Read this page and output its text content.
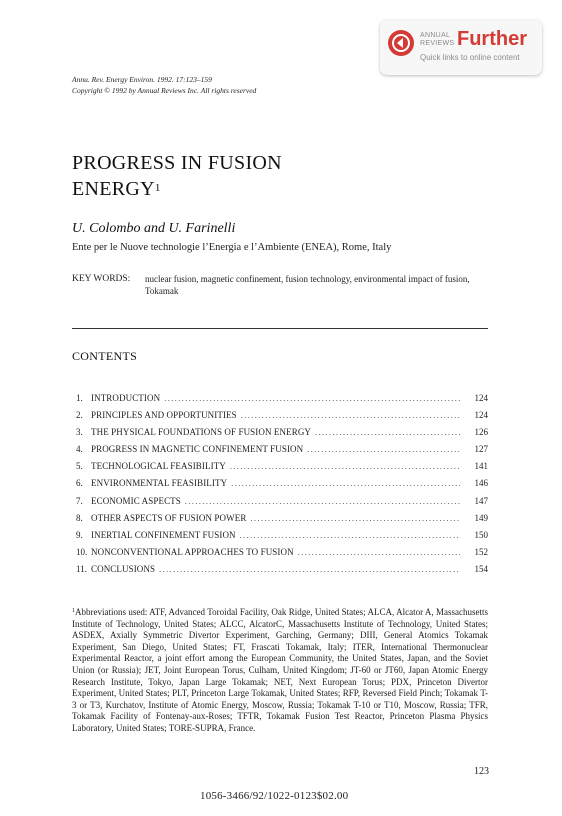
ANNUAL
REVIEWS Further
Quick links to online content
Annu. Rev. Energy Environ. 1992. 17:123–159
Copyright © 1992 by Annual Reviews Inc. All rights reserved
PROGRESS IN FUSION
ENERGY$^1$
U. Colombo and U. Farinelli
Ente per le Nuove technologie l’Energia e l’Ambiente (ENEA), Rome, Italy
KEY WORDS: nuclear fusion, magnetic confinement, fusion technology, environmental impact of fusion, Tokamak
CONTENTS
1. INTRODUCTION .....	124
2. PRINCIPLES AND OPPORTUNITIES .....	124
3. THE PHYSICAL FOUNDATIONS OF FUSION ENERGY .....	126
4. PROGRESS IN MAGNETIC CONFINEMENT FUSION .....	127
5. TECHNOLOGICAL FEASIBILITY .....	141
6. ENVIRONMENTAL FEASIBILITY .....	146
7. ECONOMIC ASPECTS .....	147
8. OTHER ASPECTS OF FUSION POWER .....	149
9. INERTIAL CONFINEMENT FUSION .....	150
10. NONCONVENTIONAL APPROACHES TO FUSION .....	152
11. CONCLUSIONS .....	154
$^1$Abbreviations used: ATF, Advanced Toroidal Facility, Oak Ridge, United States; ALCA, Alcator A, Massachusetts Institute of Technology, United States; ALCC, AlcatorC, Massachusetts Institute of Technology, United States; ASDEX, Axially Symmetric Divertor Experiment, Garching, Germany; DIII, General Atomics Tokamak Experiment, San Diego, United States; FT, Frascati Tokamak, Italy; ITER, International Thermonuclear Experimental Reactor, a joint effort among the European Community, the United States, Japan, and the Soviet Union (or Russia); JET, Joint European Torus, Culham, United Kingdom; JT-60 or JT60, Japan Atomic Energy Research Institute, Tokyo, Japan Large Tokamak; NET, Next European Torus; PDX, Princeton Divertor Experiment, United States; PLT, Princeton Large Tokamak, United States; RFP, Reversed Field Pinch; Tokamak T-3 or T3, Kurchatov, Institute of Atomic Energy, Moscow, Russia; Tokamak T-10 or T10, Moscow, Russia; TFR, Tokamak Facility of Fontenay-aux-Roses; TFTR, Tokamak Fusion Test Reactor, Princeton Plasma Physics Laboratory, United States; TORE-SUPRA, France.
123
1056-3466/92/1022-0123$02.00
